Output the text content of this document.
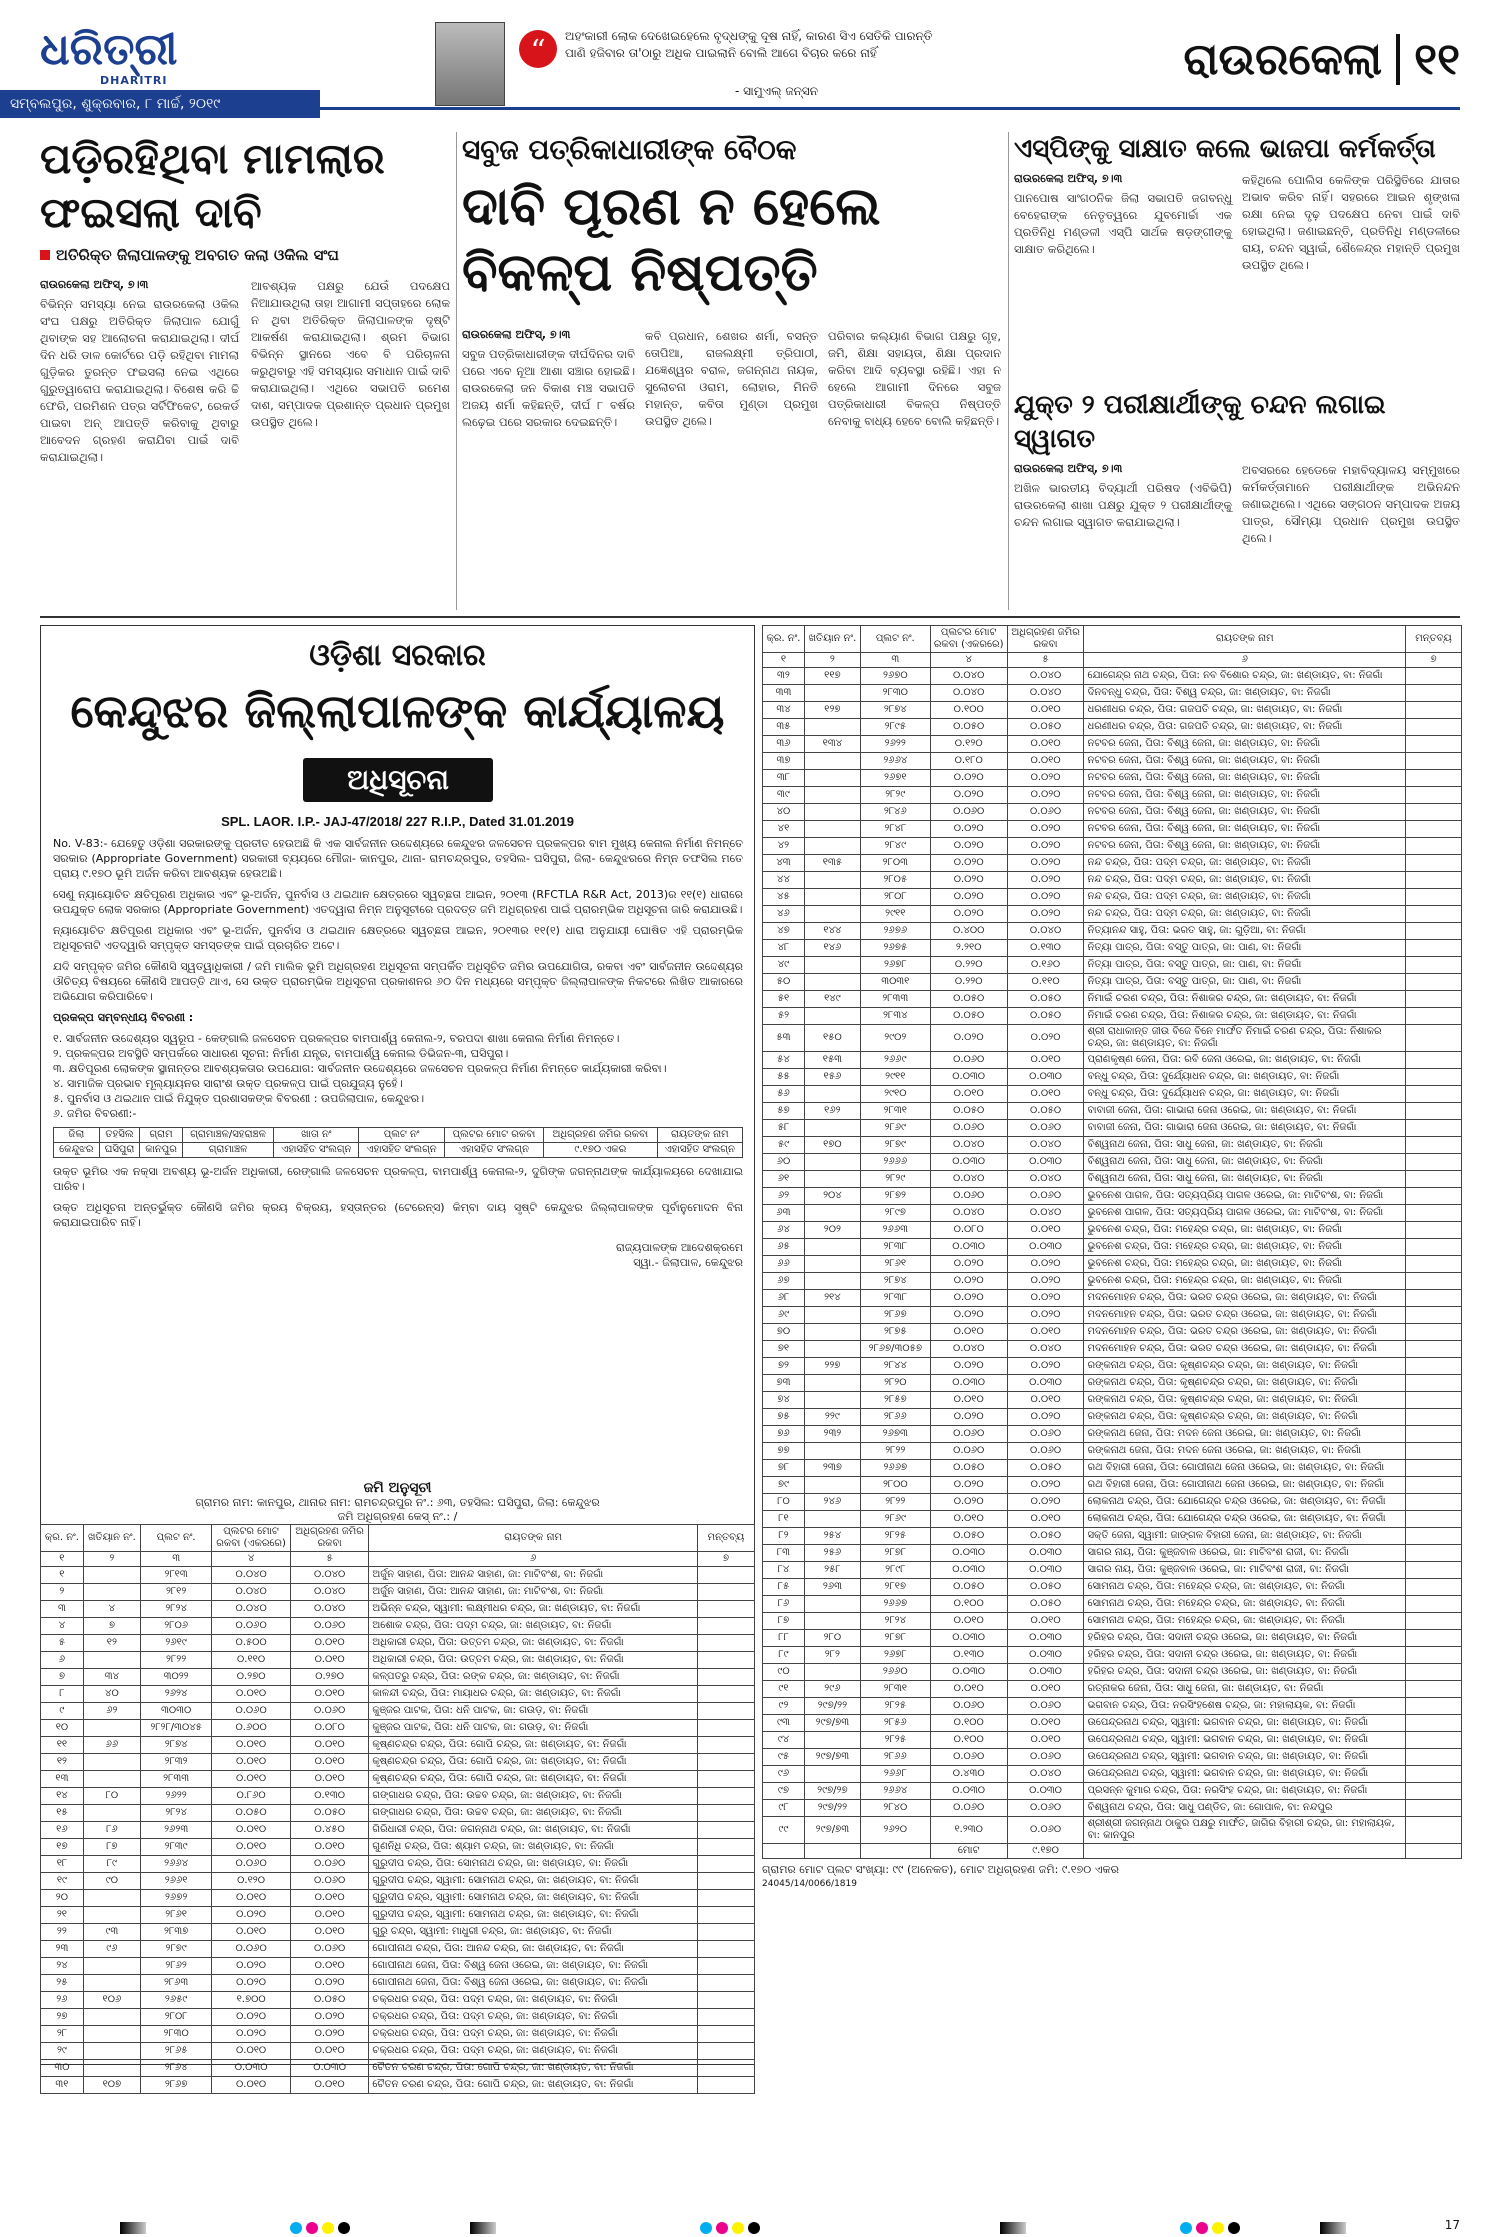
ଧରିତ୍ରୀ
DHARITRI
“	ଅହଂକାରୀ ଲୋକ ଦେଖେଇହେଲେ ବୃଦ୍ଧଙ୍କୁ ଦୂଷ ନାହିଁ, କାରଣ ସିଏ ସେତିକି ପାରନ୍ତି
ପାଣି ହଜିବାର ତା'ଠାରୁ ଅଧିକ ପାଇଲାନି ବୋଲି ଆଗେ ବିଚାର କରେ ନାହିଁ
- ସାମୁଏଲ୍ ଜନ୍‌ସନ
ରାଉରକେଲା ୧୧
ସମ୍ବଲପୁର, ଶୁକ୍ରବାର, ୮ ମାର୍ଚ୍ଚ, ୨୦୧୯
ପଡ଼ିରହିଥିବା ମାମଲାର
ଫଇସଲା ଦାବି
ଅତିରିକ୍ତ ଜିଲାପାଳଙ୍କୁ ଅବଗତ କଲା ଓକିଲ ସଂଘ
ରାଉରକେଲା ଅଫିସ୍, ୭।୩
ବିଭିନ୍ନ ସମସ୍ୟା ନେଇ ରାଉରକେଲା ଓକିଲ ସଂଘ ପକ୍ଷରୁ ଅତିରିକ୍ତ ଜିଲାପାଳ ଯୋଗୁଁ ଥିବାଙ୍କ ସହ ଆଲୋଚନା କରାଯାଇଥିଲା। ଦୀର୍ଘ ଦିନ ଧରି ଡାଳ କୋର୍ଟରେ ପଡ଼ି ରହିଥିବା ମାମଲା ଗୁଡ଼ିକର ତୁରନ୍ତ ଫଇସଲା ନେଇ ଏଥିରେ ଗୁରୁତ୍ୱାରୋପ କରାଯାଇଥିଲା। ବିଶେଷ କରି ଚ୍ଚି ଫେରି, ପରମିଶନ ପତ୍ର ସର୍ଟିଫିକେଟ, ରେକର୍ଡ ପାଇବା ଅନ୍ ଆପତ୍ତି କରିବାକୁ ଥିବାରୁ ଆବେଦନ ଗ୍ରହଣ କରାଯିବା ପାଇଁ ଦାବି କରାଯାଇଥିଲା।
ଆବଶ୍ୟକ ପକ୍ଷରୁ ଯେଉଁ ପଦକ୍ଷେପ ନିଆଯାଉଥିଲା ତାହା ଆଗାମୀ ସପ୍ତାହରେ ଲୋକ ନ ଥିବା ଅତିରିକ୍ତ ଜିଲାପାଳଙ୍କ ଦୃଷ୍ଟି ଆକର୍ଷଣ କରାଯାଇଥିଲା। ଶ୍ରମ ବିଭାଗ ବିଭିନ୍ନ ସ୍ଥାନରେ ଏବେ ବି ପରିଚାଳନା କରୁଥିବାରୁ ଏହି ସମସ୍ୟାର ସମାଧାନ ପାଇଁ ଦାବି କରାଯାଇଥିଲା। ଏଥିରେ ସଭାପତି ରମେଶ ଦାଶ, ସମ୍ପାଦକ ପ୍ରଶାନ୍ତ ପ୍ରଧାନ ପ୍ରମୁଖ ଉପସ୍ଥିତ ଥିଲେ।
ସବୁଜ ପତ୍ରିକାଧାରୀଙ୍କ ବୈଠକ
ଦାବି ପୂରଣ ନ ହେଲେ ବିକଳ୍ପ ନିଷ୍ପତ୍ତି
ରାଉରକେଲା ଅଫିସ୍, ୭।୩
ସବୁଜ ପତ୍ରିକାଧାରୀଙ୍କ ଦୀର୍ଘଦିନର ଦାବି ପରେ ଏବେ ନୂଆ ଆଶା ସଞ୍ଚାର ହୋଇଛି। ରାଉରକେଲା ଜନ ବିକାଶ ମଞ୍ଚ ସଭାପତି ଅଜୟ ଶର୍ମା କହିଛନ୍ତି, ଦୀର୍ଘ ୮ ବର୍ଷର ଲଢ଼େଇ ପରେ ସରକାର ଦେଇଛନ୍ତି।
କବି ପ୍ରଧାନ, ଶେଖର ଶର୍ମା, ବସନ୍ତ ତୋପିଆ, ରାଜଲକ୍ଷ୍ମୀ ତ୍ରିପାଠୀ, ଯଜ୍ଞେଶ୍ୱର ବରାଳ, ଜଗନ୍ନାଥ ନାୟକ, ସୁଲୋଚନା ଓରାମ, ଲୋହାର, ମିନତି ମହାନ୍ତ, କବିତା ମୁଣ୍ଡା ପ୍ରମୁଖ ଉପସ୍ଥିତ ଥିଲେ।
ପରିବାର କଲ୍ୟାଣ ବିଭାଗ ପକ୍ଷରୁ ଗୃହ, ଜମି, ଶିକ୍ଷା ସହାୟତା, ଶିକ୍ଷା ପ୍ରଦାନ କରିବା ଆଦି ବ୍ୟବସ୍ଥା ରହିଛି। ଏହା ନ ହେଲେ ଆଗାମୀ ଦିନରେ ସବୁଜ ପତ୍ରିକାଧାରୀ ବିକଳ୍ପ ନିଷ୍ପତ୍ତି ନେବାକୁ ବାଧ୍ୟ ହେବେ ବୋଲି କହିଛନ୍ତି।
ଏସ୍‌ପିଙ୍କୁ ସାକ୍ଷାତ କଲେ ଭାଜପା କର୍ମକର୍ତ୍ତା
ରାଉରକେଲା ଅଫିସ୍, ୭।୩
ପାନପୋଷ ସାଂଗଠନିକ ଜିଲା ସଭାପତି ଜଗବନ୍ଧୁ ବେହେରାଙ୍କ ନେତୃତ୍ୱରେ ଯୁବମୋର୍ଚ୍ଚା ଏକ ପ୍ରତିନିଧି ମଣ୍ଡଳୀ ଏସ୍‌ପି ସାର୍ଥକ ଷଡ଼ଙ୍ଗୀଙ୍କୁ ସାକ୍ଷାତ କରିଥିଲେ।
କହିଥିଲେ ପୋଲିସ କେଳିଙ୍କ ପରିସ୍ଥିତିରେ ଯାତାର ଅଭାବ କରିବ ନାହିଁ। ସହରରେ ଆଇନ ଶୃଙ୍ଖଳା ରକ୍ଷା ନେଇ ଦୃଢ଼ ପଦକ୍ଷେପ ନେବା ପାଇଁ ଦାବି ହୋଇଥିଲା। ଜଣାଇଛନ୍ତି, ପ୍ରତିନିଧି ମଣ୍ଡଳୀରେ ରାୟ, ଚନ୍ଦନ ସ୍ୱାଇଁ, ଶୈଳେନ୍ଦ୍ର ମହାନ୍ତି ପ୍ରମୁଖ ଉପସ୍ଥିତ ଥିଲେ।
ଯୁକ୍ତ ୨ ପରୀକ୍ଷାର୍ଥୀଙ୍କୁ ଚନ୍ଦନ ଲଗାଇ ସ୍ୱାଗତ
ରାଉରକେଲା ଅଫିସ୍, ୭।୩
ଅଖିଳ ଭାରତୀୟ ବିଦ୍ୟାର୍ଥୀ ପରିଷଦ (ଏବିଭିପି) ରାଉରକେଲା ଶାଖା ପକ୍ଷରୁ ଯୁକ୍ତ ୨ ପରୀକ୍ଷାର୍ଥୀଙ୍କୁ ଚନ୍ଦନ ଲଗାଇ ସ୍ୱାଗତ କରାଯାଇଥିଲା।
ଅବସରରେ ହେଡେକେ ମହାବିଦ୍ୟାଳୟ ସମ୍ମୁଖରେ କର୍ମକର୍ତ୍ତାମାନେ ପରୀକ୍ଷାର୍ଥୀଙ୍କ ଅଭିନନ୍ଦନ ଜଣାଇଥିଲେ। ଏଥିରେ ସଙ୍ଗଠନ ସମ୍ପାଦକ ଅଜୟ ପାତ୍ର, ସୌମ୍ୟା ପ୍ରଧାନ ପ୍ରମୁଖ ଉପସ୍ଥିତ ଥିଲେ।
ଓଡ଼ିଶା ସରକାର
କେନ୍ଦୁଝର ଜିଲ୍ଲାପାଳଙ୍କ କାର୍ଯ୍ୟାଳୟ
ଅଧିସୂଚନା
SPL. LAOR. I.P.- JAJ-47/2018/ 227 R.I.P., Dated 31.01.2019

No. V-83:- ଯେହେତୁ ଓଡ଼ିଶା ସରକାରଙ୍କୁ ପ୍ରତୀତ ହେଉଅଛି କି ଏକ ସାର୍ବଜନୀନ ଉଦ୍ଦେଶ୍ୟରେ କେନ୍ଦୁଝର ଜଳସେଚନ ପ୍ରକଳ୍ପର ବାମ ମୁଖ୍ୟ କେନାଲ ନିର୍ମାଣ ନିମନ୍ତେ ସରକାର (Appropriate Government) ସରକାରୀ ବ୍ୟୟରେ ମୌଜା- କାନପୁର, ଥାନା- ରାମଚନ୍ଦ୍ରପୁର, ତହସିଲ- ଘସିପୁରା, ଜିଲା- କେନ୍ଦୁଝରରେ ନିମ୍ନ ତଫସିଲ ମତେ ପ୍ରାୟ ୯.୧୭୦ ଭୂମି ଅର୍ଜନ କରିବା ଆବଶ୍ୟକ ହେଉଅଛି।

ସେଣୁ ନ୍ୟାୟୋଚିତ କ୍ଷତିପୂରଣ ଅଧିକାର ଏବଂ ଭୂ-ଅର୍ଜନ, ପୁନର୍ବାସ ଓ ଥଇଥାନ କ୍ଷେତ୍ରରେ ସ୍ୱଚ୍ଛତା ଆଇନ, ୨୦୧୩ (RFCTLA R&R Act, 2013)ର ୧୧(୧) ଧାରାରେ ଉପଯୁକ୍ତ ଲୋକ ସରକାର (Appropriate Government) ଏତଦ୍ୱାରା ନିମ୍ନ ଅନୁସୂଚୀରେ ପ୍ରଦତ୍ତ ଜମି ଅଧିଗ୍ରହଣ ପାଇଁ ପ୍ରାରମ୍ଭିକ ଅଧିସୂଚନା ଜାରି କରାଯାଉଛି।

ନ୍ୟାୟୋଚିତ କ୍ଷତିପୂରଣ ଅଧିକାର ଏବଂ ଭୂ-ଅର୍ଜନ, ପୁନର୍ବାସ ଓ ଥଇଥାନ କ୍ଷେତ୍ରରେ ସ୍ୱଚ୍ଛତା ଆଇନ, ୨୦୧୩ର ୧୧(୧) ଧାରା ଅନୁଯାୟୀ ଘୋଷିତ ଏହି ପ୍ରାରମ୍ଭିକ ଅଧିସୂଚନାଟି ଏତଦ୍ୱାରି ସମ୍ପୃକ୍ତ ସମସ୍ତଙ୍କ ପାଇଁ ପ୍ରଚାରିତ ଅଟେ।

ଯଦି ସମ୍ପୃକ୍ତ ଜମିର କୌଣସି ସ୍ୱତ୍ୱାଧିକାରୀ / ଜମି ମାଲିକ ଭୂମି ଅଧିଗ୍ରହଣ ଅଧିସୂଚନା ସମ୍ପର୍କିତ ଅଧିସୂଚିତ ଜମିର ଉପଯୋଗିତା, ରକବା ଏବଂ ସାର୍ବଜନୀନ ଉଦ୍ଦେଶ୍ୟର ଔଚିତ୍ୟ ବିଷୟରେ କୌଣସି ଆପତ୍ତି ଥାଏ, ସେ ଉକ୍ତ ପ୍ରାରମ୍ଭିକ ଅଧିସୂଚନା ପ୍ରକାଶନର ୬୦ ଦିନ ମଧ୍ୟରେ ସମ୍ପୃକ୍ତ ଜିଲ୍ଲାପାଳଙ୍କ ନିକଟରେ ଲିଖିତ ଆକାରରେ ଅଭିଯୋଗ କରିପାରିବେ।

ପ୍ରକଳ୍ପ ସମ୍ବନ୍ଧୀୟ ବିବରଣୀ :

୧. ସାର୍ବଜନୀନ ଉଦ୍ଦେଶ୍ୟର ସ୍ୱରୂପ - କେଙ୍ଗାଲି ଜଳସେଚନ ପ୍ରକଳ୍ପର ବାମପାର୍ଶ୍ୱ କେନାଲ-୨, ବରପଦା ଶାଖା କେନାଲ ନିର୍ମାଣ ନିମନ୍ତେ।
୨. ପ୍ରକଳ୍ପର ଅବସ୍ଥିତି ସମ୍ପର୍କରେ ସାଧାରଣ ସୂଚନା: ନିର୍ମାଣ ଯନ୍ତ୍ର, ବାମପାର୍ଶ୍ୱ କେନାଲ ଡିଭିଜନ-୩, ଘସିପୁରା।
୩. କ୍ଷତିପୂରଣ ଲୋକଙ୍କ ସ୍ଥାନାନ୍ତର ଆବଶ୍ୟକତାର ଉପଯୋଗ: ସାର୍ବଜନୀନ ଉଦ୍ଦେଶ୍ୟରେ ଜଳସେଚନ ପ୍ରକଳ୍ପ ନିର୍ମାଣ ନିମନ୍ତେ କାର୍ଯ୍ୟକାରୀ କରିବା।
୪. ସାମାଜିକ ପ୍ରଭାବ ମୂଲ୍ୟାୟନର ସାରାଂଶ ଉକ୍ତ ପ୍ରକଳ୍ପ ପାଇଁ ପ୍ରଯୁଜ୍ୟ ନୁହେଁ।
୫. ପୁନର୍ବାସ ଓ ଥଇଥାନ ପାଇଁ ନିଯୁକ୍ତ ପ୍ରଶାସକଙ୍କ ବିବରଣୀ : ଉପଜିଲାପାଳ, କେନ୍ଦୁଝର।
୬. ଜମିର ବିବରଣୀ:-
ଜିଲା	ତହସିଲ	ଗ୍ରାମ	ଗ୍ରାମାଞ୍ଚଳ/ସହରାଞ୍ଚଳ	ଖାତା ନଂ	ପ୍ଲଟ ନଂ	ପ୍ଲଟର ମୋଟ ରକବା	ଅଧିଗ୍ରହଣ ଜମିର ରକବା	ରାୟତଙ୍କ ନାମ
କେନ୍ଦୁଝର	ଘସିପୁରା	କାନପୁର	ଗ୍ରାମାଞ୍ଚଳ	ଏହାସହିତ ସଂଲଗ୍ନ	ଏହାସହିତ ସଂଲଗ୍ନ	ଏହାସହିତ ସଂଲଗ୍ନ	୯.୧୭୦ ଏକର	ଏହାସହିତ ସଂଲଗ୍ନ

ଉକ୍ତ ଭୂମିର ଏକ ନକ୍ସା ଅବଶ୍ୟ ଭୂ-ଅର୍ଜନ ଅଧିକାରୀ, ରେଙ୍ଗାଲି ଜଳସେଚନ ପ୍ରକଳ୍ପ, ବାମପାର୍ଶ୍ୱ କେନାଲ-୨, ଦୁଗିଙ୍କ ଜଗନ୍ନାଥଙ୍କ କାର୍ଯ୍ୟାଳୟରେ ଦେଖାଯାଇ ପାରିବ।

ଉକ୍ତ ଅଧିସୂଚନା ଅନ୍ତର୍ଭୁକ୍ତ କୌଣସି ଜମିର କ୍ରୟ ବିକ୍ରୟ, ହସ୍ତାନ୍ତର (ଟେରେନ୍ସ) କିମ୍ବା ଦାୟ ସୃଷ୍ଟି କେନ୍ଦୁଝର ଜିଲ୍ଲାପାଳଙ୍କ ପୂର୍ବାନୁମୋଦନ ବିନା କରାଯାଇପାରିବ ନାହିଁ।

ରାଜ୍ୟପାଳଙ୍କ ଆଦେଶକ୍ରମେ
ସ୍ୱା.- ଜିଲାପାଳ, କେନ୍ଦୁଝର
ଜମି ଅନୁସୂଚୀ
ଗ୍ରାମର ନାମ: କାନପୁର, ଥାନାର ନାମ: ରାମଚନ୍ଦ୍ରପୁର ନଂ.: ୬୩, ତହସିଲ: ଘସିପୁରା, ଜିଲା: କେନ୍ଦୁଝର
ଜମି ଅଧିଗ୍ରହଣ କେସ୍ ନଂ.: /
କ୍ର. ନଂ.	ଖତିୟାନ ନଂ.	ପ୍ଲଟ ନଂ.	ପ୍ଲଟର ମୋଟ ରକବା (ଏକରରେ)	ଅଧିଗ୍ରହଣ ଜମିର ରକବା	ରାୟତଙ୍କ ନାମ	ମନ୍ତବ୍ୟ
୧	୨	୩	୪	୫	୬	୭
୧		୨୮୧୩	୦.୦୪୦	୦.୦୪୦	ଅର୍ଜୁନ ସାହାଣ, ପିତା: ଆନନ୍ଦ ସାହାଣ, ଜା: ମାଟିବଂଶ, ବା: ନିଜଗାଁ	
୨		୨୮୧୨	୦.୦୪୦	୦.୦୪୦	ଅର୍ଜୁନ ସାହାଣ, ପିତା: ଆନନ୍ଦ ସାହାଣ, ଜା: ମାଟିବଂଶ, ବା: ନିଜଗାଁ	
୩	୪	୨୮୨୪	୦.୦୪୦	୦.୦୪୦	ଅଭିନ୍ନ ଚନ୍ଦ୍ର, ସ୍ୱାମୀ: ଲକ୍ଷ୍ମୀଧର ଚନ୍ଦ୍ର, ଜା: ଖଣ୍ଡାୟତ, ବା: ନିଜଗାଁ	
୪	୭	୨୮୦୬	୦.୦୬୦	୦.୦୬୦	ଅଶୋକ ଚନ୍ଦ୍ର, ପିତା: ପଦ୍ମ ଚନ୍ଦ୍ର, ଜା: ଖଣ୍ଡାୟତ, ବା: ନିଜଗାଁ	
୫	୧୨	୨୬୧୯	୦.୫୦୦	୦.୦୧୦	ଅଧିକାରୀ ଚନ୍ଦ୍ର, ପିତା: ଉତ୍ତମ ଚନ୍ଦ୍ର, ଜା: ଖଣ୍ଡାୟତ, ବା: ନିଜଗାଁ	
୬		୨୮୨୨	୦.୧୧୦	୦.୦୧୦	ଅଧିକାରୀ ଚନ୍ଦ୍ର, ପିତା: ଉତ୍ତମ ଚନ୍ଦ୍ର, ଜା: ଖଣ୍ଡାୟତ, ବା: ନିଜଗାଁ	
୭	୩୪	୩୦୨୨	୦.୨୭୦	୦.୨୭୦	କଳ୍ପତରୁ ଚନ୍ଦ୍ର, ପିତା: ରଙ୍କ ଚନ୍ଦ୍ର, ଜା: ଖଣ୍ଡାୟତ, ବା: ନିଜଗାଁ	
୮	୪୦	୨୬୨୪	୦.୦୧୦	୦.୦୧୦	କାଳନ୍ଦୀ ଚନ୍ଦ୍ର, ପିତା: ମାୟାଧର ଚନ୍ଦ୍ର, ଜା: ଖଣ୍ଡାୟତ, ବା: ନିଜଗାଁ	
୯	୬୨	୩୦୩୦	୦.୦୬୦	୦.୦୬୦	କୁଞ୍ଜର ପାଟକ, ପିତା: ଧନି ପାଟକ, ଜା: ଗଉଡ଼, ବା: ନିଜଗାଁ	
୧୦		୨୮୨୮/୩୦୪୫	୦.୬୦୦	୦.୦୮୦	କୁଞ୍ଜର ପାଟକ, ପିତା: ଧନି ପାଟକ, ଜା: ଗଉଡ଼, ବା: ନିଜଗାଁ	
୧୧	୬୬	୨୮୭୪	୦.୦୧୦	୦.୦୧୦	କୃଷ୍ଣଚନ୍ଦ୍ର ଚନ୍ଦ୍ର, ପିତା: ଗୋପି ଚନ୍ଦ୍ର, ଜା: ଖଣ୍ଡାୟତ, ବା: ନିଜଗାଁ	
୧୨		୨୮୩୨	୦.୦୧୦	୦.୦୧୦	କୃଷ୍ଣଚନ୍ଦ୍ର ଚନ୍ଦ୍ର, ପିତା: ଗୋପି ଚନ୍ଦ୍ର, ଜା: ଖଣ୍ଡାୟତ, ବା: ନିଜଗାଁ	
୧୩		୨୮୩୩	୦.୦୧୦	୦.୦୧୦	କୃଷ୍ଣଚନ୍ଦ୍ର ଚନ୍ଦ୍ର, ପିତା: ଗୋପି ଚନ୍ଦ୍ର, ଜା: ଖଣ୍ଡାୟତ, ବା: ନିଜଗାଁ	
୧୪	୮୦	୨୬୨୨	୦.୮୬୦	୦.୧୩୦	ଗଙ୍ଗାଧର ଚନ୍ଦ୍ର, ପିତା: ଉଚ୍ଚବ ଚନ୍ଦ୍ର, ଜା: ଖଣ୍ଡାୟତ, ବା: ନିଜଗାଁ	
୧୫		୨୮୨୪	୦.୦୫୦	୦.୦୫୦	ଗଙ୍ଗାଧର ଚନ୍ଦ୍ର, ପିତା: ଉଚ୍ଚବ ଚନ୍ଦ୍ର, ଜା: ଖଣ୍ଡାୟତ, ବା: ନିଜଗାଁ	
୧୬	୮୬	୨୬୨୩	୦.୦୧୦	୦.୪୫୦	ଗିରିଧାରୀ ଚନ୍ଦ୍ର, ପିତା: ଜଗନ୍ନାଥ ଚନ୍ଦ୍ର, ଜା: ଖଣ୍ଡାୟତ, ବା: ନିଜଗାଁ	
୧୭	୮୭	୨୮୩୯	୦.୦୧୦	୦.୦୧୦	ଗୁଣନିଧି ଚନ୍ଦ୍ର, ପିତା: ଶ୍ୟାମ ଚନ୍ଦ୍ର, ଜା: ଖଣ୍ଡାୟତ, ବା: ନିଜଗାଁ	
୧୮	୮୯	୨୬୬୪	୦.୦୬୦	୦.୦୬୦	ଗୁରୁଦୀପ ଚନ୍ଦ୍ର, ପିତା: ସୋମନାଥ ଚନ୍ଦ୍ର, ଜା: ଖଣ୍ଡାୟତ, ବା: ନିଜଗାଁ	
୧୯	୯୦	୨୬୬୧	୦.୧୨୦	୦.୦୬୦	ଗୁରୁଦୀପ ଚନ୍ଦ୍ର, ସ୍ୱାମୀ: ସୋମନାଥ ଚନ୍ଦ୍ର, ଜା: ଖଣ୍ଡାୟତ, ବା: ନିଜଗାଁ	
୨୦		୨୬୭୨	୦.୦୧୦	୦.୦୧୦	ଗୁରୁଦୀପ ଚନ୍ଦ୍ର, ସ୍ୱାମୀ: ସୋମନାଥ ଚନ୍ଦ୍ର, ଜା: ଖଣ୍ଡାୟତ, ବା: ନିଜଗାଁ	
୨୧		୨୮୬୧	୦.୦୨୦	୦.୦୧୦	ଗୁରୁଦୀପ ଚନ୍ଦ୍ର, ସ୍ୱାମୀ: ସୋମନାଥ ଚନ୍ଦ୍ର, ଜା: ଖଣ୍ଡାୟତ, ବା: ନିଜଗାଁ	
୨୨	୯୩	୨୮୩୭	୦.୦୧୦	୦.୦୧୦	ଗୁରୁ ଚନ୍ଦ୍ର, ସ୍ୱାମୀ: ମାଧୁରୀ ଚନ୍ଦ୍ର, ଜା: ଖଣ୍ଡାୟତ, ବା: ନିଜଗାଁ	
୨୩	୯୬	୨୮୭୯	୦.୦୬୦	୦.୦୬୦	ଗୋପୀନାଥ ଚନ୍ଦ୍ର, ପିତା: ଆନନ୍ଦ ଚନ୍ଦ୍ର, ଜା: ଖଣ୍ଡାୟତ, ବା: ନିଜଗାଁ	
୨୪		୨୮୬୨	୦.୦୨୦	୦.୦୧୦	ଗୋପୀନାଥ ଜେନା, ପିତା: ବିଶ୍ୱ ଜେନା ଓରେଇ, ଜା: ଖଣ୍ଡାୟତ, ବା: ନିଜଗାଁ	
୨୫		୨୮୬୩	୦.୦୨୦	୦.୦୨୦	ଗୋପୀନାଥ ଜେନା, ପିତା: ବିଶ୍ୱ ଜେନା ଓରେଇ, ଜା: ଖଣ୍ଡାୟତ, ବା: ନିଜଗାଁ	
୨୬	୧୦୬	୨୬୫୯	୧.୭୦୦	୦.୦୫୦	ଚକ୍ରଧର ଚନ୍ଦ୍ର, ପିତା: ପଦ୍ମ ଚନ୍ଦ୍ର, ଜା: ଖଣ୍ଡାୟତ, ବା: ନିଜଗାଁ	
୨୭		୨୮୦୮	୦.୦୨୦	୦.୦୨୦	ଚକ୍ରଧର ଚନ୍ଦ୍ର, ପିତା: ପଦ୍ମ ଚନ୍ଦ୍ର, ଜା: ଖଣ୍ଡାୟତ, ବା: ନିଜଗାଁ	
୨୮		୨୮୩୦	୦.୦୨୦	୦.୦୨୦	ଚକ୍ରଧର ଚନ୍ଦ୍ର, ପିତା: ପଦ୍ମ ଚନ୍ଦ୍ର, ଜା: ଖଣ୍ଡାୟତ, ବା: ନିଜଗାଁ	
୨୯		୨୮୬୫	୦.୦୧୦	୦.୦୧୦	ଚକ୍ରଧର ଚନ୍ଦ୍ର, ପିତା: ପଦ୍ମ ଚନ୍ଦ୍ର, ଜା: ଖଣ୍ଡାୟତ, ବା: ନିଜଗାଁ	
୩୦		୨୮୬୪	୦.୦୩୦	୦.୦୩୦	ଚୈତନ ଚରଣ ଚନ୍ଦ୍ର, ପିତା: ଗୋପି ଚନ୍ଦ୍ର, ଜା: ଖଣ୍ଡାୟତ, ବା: ନିଜଗାଁ	
୩୧	୧୦୭	୨୮୬୭	୦.୦୧୦	୦.୦୧୦	ଚୈତନ ଚରଣ ଚନ୍ଦ୍ର, ପିତା: ଗୋପି ଚନ୍ଦ୍ର, ଜା: ଖଣ୍ଡାୟତ, ବା: ନିଜଗାଁ	
କ୍ର. ନଂ.	ଖତିୟାନ ନଂ.	ପ୍ଲଟ ନଂ.	ପ୍ଲଟର ମୋଟ ରକବା (ଏକରରେ)	ଅଧିଗ୍ରହଣ ଜମିର ରକବା	ରାୟତଙ୍କ ନାମ	ମନ୍ତବ୍ୟ
୧	୨	୩	୪	୫	୬	୭
୩୨	୧୧୭	୨୬୭୦	୦.୦୪୦	୦.୦୪୦	ଯୋଗେନ୍ଦ୍ର ନାଥ ଚନ୍ଦ୍ର, ପିତା: ନବ ବିଶୋର ଚନ୍ଦ୍ର, ଜା: ଖଣ୍ଡାୟତ, ବା: ନିଜଗାଁ	
୩୩		୨୮୩୦	୦.୦୪୦	୦.୦୪୦	ଦିନବନ୍ଧୁ ଚନ୍ଦ୍ର, ପିତା: ବିଶ୍ୱ ଚନ୍ଦ୍ର, ଜା: ଖଣ୍ଡାୟତ, ବା: ନିଜଗାଁ	
୩୪	୧୨୭	୨୮୭୪	୦.୧୦୦	୦.୦୧୦	ଧରଣୀଧର ଚନ୍ଦ୍ର, ପିତା: ଗଜପତି ଚନ୍ଦ୍ର, ଜା: ଖଣ୍ଡାୟତ, ବା: ନିଜଗାଁ	
୩୫		୨୮୯୫	୦.୦୫୦	୦.୦୫୦	ଧରଣୀଧର ଚନ୍ଦ୍ର, ପିତା: ଗଜପତି ଚନ୍ଦ୍ର, ଜା: ଖଣ୍ଡାୟତ, ବା: ନିଜଗାଁ	
୩୬	୧୩୪	୨୬୨୨	୦.୧୨୦	୦.୦୧୦	ନଟବର ଜେନା, ପିତା: ବିଶ୍ୱ ଜେନା, ଜା: ଖଣ୍ଡାୟତ, ବା: ନିଜଗାଁ	
୩୭		୨୬୬୪	୦.୧୮୦	୦.୦୧୦	ନଟବର ଜେନା, ପିତା: ବିଶ୍ୱ ଜେନା, ଜା: ଖଣ୍ଡାୟତ, ବା: ନିଜଗାଁ	
୩୮		୨୬୭୧	୦.୦୨୦	୦.୦୨୦	ନଟବର ଜେନା, ପିତା: ବିଶ୍ୱ ଜେନା, ଜା: ଖଣ୍ଡାୟତ, ବା: ନିଜଗାଁ	
୩୯		୨୮୨୯	୦.୦୨୦	୦.୦୨୦	ନଟବର ଜେନା, ପିତା: ବିଶ୍ୱ ଜେନା, ଜା: ଖଣ୍ଡାୟତ, ବା: ନିଜଗାଁ	
୪୦		୨୮୪୬	୦.୦୬୦	୦.୦୬୦	ନଟବର ଜେନା, ପିତା: ବିଶ୍ୱ ଜେନା, ଜା: ଖଣ୍ଡାୟତ, ବା: ନିଜଗାଁ	
୪୧		୨୮୪୮	୦.୦୨୦	୦.୦୨୦	ନଟବର ଜେନା, ପିତା: ବିଶ୍ୱ ଜେନା, ଜା: ଖଣ୍ଡାୟତ, ବା: ନିଜଗାଁ	
୪୨		୨୮୪୯	୦.୦୨୦	୦.୦୨୦	ନଟବର ଜେନା, ପିତା: ବିଶ୍ୱ ଜେନା, ଜା: ଖଣ୍ଡାୟତ, ବା: ନିଜଗାଁ	
୪୩	୧୩୫	୨୮୦୩	୦.୦୨୦	୦.୦୨୦	ନନ୍ଦ ଚନ୍ଦ୍ର, ପିତା: ପଦ୍ମ ଚନ୍ଦ୍ର, ଜା: ଖଣ୍ଡାୟତ, ବା: ନିଜଗାଁ	
୪୪		୨୮୦୫	୦.୦୨୦	୦.୦୨୦	ନନ୍ଦ ଚନ୍ଦ୍ର, ପିତା: ପଦ୍ମ ଚନ୍ଦ୍ର, ଜା: ଖଣ୍ଡାୟତ, ବା: ନିଜଗାଁ	
୪୫		୨୮୦୮	୦.୦୨୦	୦.୦୨୦	ନନ୍ଦ ଚନ୍ଦ୍ର, ପିତା: ପଦ୍ମ ଚନ୍ଦ୍ର, ଜା: ଖଣ୍ଡାୟତ, ବା: ନିଜଗାଁ	
୪୬		୨୯୧୧	୦.୦୨୦	୦.୦୨୦	ନନ୍ଦ ଚନ୍ଦ୍ର, ପିତା: ପଦ୍ମ ଚନ୍ଦ୍ର, ଜା: ଖଣ୍ଡାୟତ, ବା: ନିଜଗାଁ	
୪୭	୧୪୪	୨୬୭୬	୦.୪୦୦	୦.୦୪୦	ନିତ୍ୟାନନ୍ଦ ସାହୁ, ପିତା: ଭରତ ସାହୁ, ଜା: ଗୁଡ଼ିଆ, ବା: ନିଜଗାଁ	
୪୮	୧୪୬	୨୬୭୫	୨.୨୧୦	୦.୧୩୦	ନିତ୍ୟା ପାତ୍ର, ପିତା: ବସ୍ତୁ ପାତ୍ର, ଜା: ପାଣ, ବା: ନିଜଗାଁ	
୪୯		୨୬୭୮	୦.୨୨୦	୦.୧୬୦	ନିତ୍ୟା ପାତ୍ର, ପିତା: ବସ୍ତୁ ପାତ୍ର, ଜା: ପାଣ, ବା: ନିଜଗାଁ	
୫୦		୩୦୩୧	୦.୨୨୦	୦.୧୧୦	ନିତ୍ୟା ପାତ୍ର, ପିତା: ବସ୍ତୁ ପାତ୍ର, ଜା: ପାଣ, ବା: ନିଜଗାଁ	
୫୧	୧୪୯	୨୮୩୩	୦.୦୫୦	୦.୦୫୦	ନିମାଇଁ ଚରଣ ଚନ୍ଦ୍ର, ପିତା: ନିଶାକର ଚନ୍ଦ୍ର, ଜା: ଖଣ୍ଡାୟତ, ବା: ନିଜଗାଁ	
୫୨		୨୮୩୪	୦.୦୫୦	୦.୦୫୦	ନିମାଇଁ ଚରଣ ଚନ୍ଦ୍ର, ପିତା: ନିଶାକର ଚନ୍ଦ୍ର, ଜା: ଖଣ୍ଡାୟତ, ବା: ନିଜଗାଁ	
୫୩	୧୫୦	୨୯୦୨	୦.୦୨୦	୦.୦୨୦	ଶ୍ରୀ ରାଧାକାନ୍ତ ଜୀଉ ବିଜେ ବିନେ ମାର୍ଫତ ନିମାଇଁ ଚରଣ ଚନ୍ଦ୍ର, ପିତା: ନିଶାକର ଚନ୍ଦ୍ର, ଜା: ଖଣ୍ଡାୟତ, ବା: ନିଜଗାଁ	
୫୪	୧୫୩	୨୬୬୯	୦.୦୬୦	୦.୦୧୦	ପ୍ରାଣକୃଷ୍ଣ ଜେନା, ପିତା: ରବି ଜେନା ଓରେଇ, ଜା: ଖଣ୍ଡାୟତ, ବା: ନିଜଗାଁ	
୫୫	୧୫୬	୨୯୧୧	୦.୦୩୦	୦.୦୩୦	ବନ୍ଧୁ ଚନ୍ଦ୍ର, ପିତା: ଦୁର୍ଯ୍ୟୋଧନ ଚନ୍ଦ୍ର, ଜା: ଖଣ୍ଡାୟତ, ବା: ନିଜଗାଁ	
୫୬		୨୯୧୦	୦.୦୧୦	୦.୦୧୦	ବନ୍ଧୁ ଚନ୍ଦ୍ର, ପିତା: ଦୁର୍ଯ୍ୟୋଧନ ଚନ୍ଦ୍ର, ଜା: ଖଣ୍ଡାୟତ, ବା: ନିଜଗାଁ	
୫୭	୧୬୨	୨୮୩୧	୦.୦୫୦	୦.୦୫୦	ବାବାଜୀ ଜେନା, ପିତା: ଗାଭାରା ଜେନା ଓରେଇ, ଜା: ଖଣ୍ଡାୟତ, ବା: ନିଜଗାଁ	
୫୮		୨୮୬୯	୦.୦୬୦	୦.୦୬୦	ବାବାଜୀ ଜେନା, ପିତା: ଗାଭାରା ଜେନା ଓରେଇ, ଜା: ଖଣ୍ଡାୟତ, ବା: ନିଜଗାଁ	
୫୯	୧୭୦	୨୮୭୯	୦.୦୪୦	୦.୦୪୦	ବିଶ୍ୱନାଥ ଜେନା, ପିତା: ସାଧୁ ଜେନା, ଜା: ଖଣ୍ଡାୟତ, ବା: ନିଜଗାଁ	
୬୦		୨୬୬୬	୦.୦୩୦	୦.୦୩୦	ବିଶ୍ୱନାଥ ଜେନା, ପିତା: ସାଧୁ ଜେନା, ଜା: ଖଣ୍ଡାୟତ, ବା: ନିଜଗାଁ	
୬୧		୨୮୨୯	୦.୦୪୦	୦.୦୪୦	ବିଶ୍ୱନାଥ ଜେନା, ପିତା: ସାଧୁ ଜେନା, ଜା: ଖଣ୍ଡାୟତ, ବା: ନିଜଗାଁ	
୬୨	୨୦୪	୨୮୭୨	୦.୦୬୦	୦.୦୬୦	ଭୁବନେଶ ପାଗଳ, ପିତା: ସତ୍ୟପ୍ରିୟ ପାଗଳ ଓରେଇ, ଜା: ମାଟିବଂଶ, ବା: ନିଜଗାଁ	
୬୩		୨୮୯୭	୦.୦୪୦	୦.୦୪୦	ଭୁବନେଶ ପାଗଳ, ପିତା: ସତ୍ୟପ୍ରିୟ ପାଗଳ ଓରେଇ, ଜା: ମାଟିବଂଶ, ବା: ନିଜଗାଁ	
୬୪	୨୦୨	୨୬୬୩	୦.୦୮୦	୦.୦୧୦	ଭୁବନେଶ ଚନ୍ଦ୍ର, ପିତା: ମହେନ୍ଦ୍ର ଚନ୍ଦ୍ର, ଜା: ଖଣ୍ଡାୟତ, ବା: ନିଜଗାଁ	
୬୫		୨୮୩୮	୦.୦୩୦	୦.୦୩୦	ଭୁବନେଶ ଚନ୍ଦ୍ର, ପିତା: ମହେନ୍ଦ୍ର ଚନ୍ଦ୍ର, ଜା: ଖଣ୍ଡାୟତ, ବା: ନିଜଗାଁ	
୬୬		୨୮୬୧	୦.୦୨୦	୦.୦୨୦	ଭୁବନେଶ ଚନ୍ଦ୍ର, ପିତା: ମହେନ୍ଦ୍ର ଚନ୍ଦ୍ର, ଜା: ଖଣ୍ଡାୟତ, ବା: ନିଜଗାଁ	
୬୭		୨୮୭୪	୦.୦୨୦	୦.୦୨୦	ଭୁବନେଶ ଚନ୍ଦ୍ର, ପିତା: ମହେନ୍ଦ୍ର ଚନ୍ଦ୍ର, ଜା: ଖଣ୍ଡାୟତ, ବା: ନିଜଗାଁ	
୬୮	୨୧୪	୨୮୩୮	୦.୦୨୦	୦.୦୨୦	ମଦନମୋହନ ଚନ୍ଦ୍ର, ପିତା: ଭରତ ଚନ୍ଦ୍ର ଓରେଇ, ଜା: ଖଣ୍ଡାୟତ, ବା: ନିଜଗାଁ	
୬୯		୨୮୬୭	୦.୦୨୦	୦.୦୨୦	ମଦନମୋହନ ଚନ୍ଦ୍ର, ପିତା: ଭରତ ଚନ୍ଦ୍ର ଓରେଇ, ଜା: ଖଣ୍ଡାୟତ, ବା: ନିଜଗାଁ	
୭୦		୨୮୭୫	୦.୦୧୦	୦.୦୧୦	ମଦନମୋହନ ଚନ୍ଦ୍ର, ପିତା: ଭରତ ଚନ୍ଦ୍ର ଓରେଇ, ଜା: ଖଣ୍ଡାୟତ, ବା: ନିଜଗାଁ	
୭୧		୨୮୬୭/୩୦୫୭	୦.୦୪୦	୦.୦୪୦	ମଦନମୋହନ ଚନ୍ଦ୍ର, ପିତା: ଭରତ ଚନ୍ଦ୍ର ଓରେଇ, ଜା: ଖଣ୍ଡାୟତ, ବା: ନିଜଗାଁ	
୭୨	୨୨୭	୨୮୪୪	୦.୦୨୦	୦.୦୨୦	ରଙ୍କନାଥ ଚନ୍ଦ୍ର, ପିତା: କୃଷ୍ଣଚନ୍ଦ୍ର ଚନ୍ଦ୍ର, ଜା: ଖଣ୍ଡାୟତ, ବା: ନିଜଗାଁ	
୭୩		୨୮୨୦	୦.୦୩୦	୦.୦୩୦	ରଙ୍କନାଥ ଚନ୍ଦ୍ର, ପିତା: କୃଷ୍ଣଚନ୍ଦ୍ର ଚନ୍ଦ୍ର, ଜା: ଖଣ୍ଡାୟତ, ବା: ନିଜଗାଁ	
୭୪		୨୮୫୭	୦.୦୧୦	୦.୦୧୦	ରଙ୍କନାଥ ଚନ୍ଦ୍ର, ପିତା: କୃଷ୍ଣଚନ୍ଦ୍ର ଚନ୍ଦ୍ର, ଜା: ଖଣ୍ଡାୟତ, ବା: ନିଜଗାଁ	
୭୫	୨୨୯	୨୮୬୬	୦.୦୨୦	୦.୦୨୦	ରଙ୍କନାଥ ଚନ୍ଦ୍ର, ପିତା: କୃଷ୍ଣଚନ୍ଦ୍ର ଚନ୍ଦ୍ର, ଜା: ଖଣ୍ଡାୟତ, ବା: ନିଜଗାଁ	
୭୬	୨୩୨	୨୬୭୩	୦.୦୬୦	୦.୦୬୦	ରଙ୍କନାଥ ଜେନା, ପିତା: ମଦନ ଜେନା ଓରେଇ, ଜା: ଖଣ୍ଡାୟତ, ବା: ନିଜଗାଁ	
୭୭		୨୮୨୨	୦.୦୬୦	୦.୦୬୦	ରଙ୍କନାଥ ଜେନା, ପିତା: ମଦନ ଜେନା ଓରେଇ, ଜା: ଖଣ୍ଡାୟତ, ବା: ନିଜଗାଁ	
୭୮	୨୩୭	୨୬୬୭	୦.୦୫୦	୦.୦୫୦	ରଥ ବିହାରୀ ଜେନା, ପିତା: ଗୋପୀନାଥ ଜେନା ଓରେଇ, ଜା: ଖଣ୍ଡାୟତ, ବା: ନିଜଗାଁ	
୭୯		୨୮୦୦	୦.୦୨୦	୦.୦୨୦	ରଥ ବିହାରୀ ଜେନା, ପିତା: ଗୋପୀନାଥ ଜେନା ଓରେଇ, ଜା: ଖଣ୍ଡାୟତ, ବା: ନିଜଗାଁ	
୮୦	୨୪୬	୨୮୨୨	୦.୦୨୦	୦.୦୨୦	ଲୋକନାଥ ଚନ୍ଦ୍ର, ପିତା: ଯୋଗେନ୍ଦ୍ର ଚନ୍ଦ୍ର ଓରେଇ, ଜା: ଖଣ୍ଡାୟତ, ବା: ନିଜଗାଁ	
୮୧		୨୮୬୯	୦.୦୧୦	୦.୦୧୦	ଲୋକନାଥ ଚନ୍ଦ୍ର, ପିତା: ଯୋଗେନ୍ଦ୍ର ଚନ୍ଦ୍ର ଓରେଇ, ଜା: ଖଣ୍ଡାୟତ, ବା: ନିଜଗାଁ	
୮୨	୨୫୪	୨୮୨୫	୦.୦୫୦	୦.୦୫୦	ସକ୍ତି ଜେନା, ସ୍ୱାମୀ: ଜାଙ୍ଗଳ ବିହାରୀ ଜେନା, ଜା: ଖଣ୍ଡାୟତ, ବା: ନିଜଗାଁ	
୮୩	୨୫୬	୨୮୭୮	୦.୦୩୦	୦.୦୩୦	ସାଗର ନାୟ, ପିତା: କୁଞ୍ଜବାଳ ଓରେଇ, ଜା: ମାଟିବଂଶ ରାଜୀ, ବା: ନିଜଗାଁ	
୮୪	୨୫୮	୨୮୯୮	୦.୦୩୦	୦.୦୩୦	ସାଗର ନାୟ, ପିତା: କୁଞ୍ଜବାଳ ଓରେଇ, ଜା: ମାଟିବଂଶ ରାଜୀ, ବା: ନିଜଗାଁ	
୮୫	୨୬୩	୨୮୧୭	୦.୦୫୦	୦.୦୫୦	ସୋମନାଥ ଚନ୍ଦ୍ର, ପିତା: ମହେନ୍ଦ୍ର ଚନ୍ଦ୍ର, ଜା: ଖଣ୍ଡାୟତ, ବା: ନିଜଗାଁ	
୮୬		୨୬୬୭	୦.୧୦୦	୦.୦୫୦	ସୋମନାଥ ଚନ୍ଦ୍ର, ପିତା: ମହେନ୍ଦ୍ର ଚନ୍ଦ୍ର, ଜା: ଖଣ୍ଡାୟତ, ବା: ନିଜଗାଁ	
୮୭		୨୮୨୪	୦.୦୧୦	୦.୦୧୦	ସୋମନାଥ ଚନ୍ଦ୍ର, ପିତା: ମହେନ୍ଦ୍ର ଚନ୍ଦ୍ର, ଜା: ଖଣ୍ଡାୟତ, ବା: ନିଜଗାଁ	
୮୮	୨୮୦	୨୮୭୮	୦.୦୩୦	୦.୦୩୦	ହରିହର ଚନ୍ଦ୍ର, ପିତା: ସଦାନୀ ଚନ୍ଦ୍ର ଓରେଇ, ଜା: ଖଣ୍ଡାୟତ, ବା: ନିଜଗାଁ	
୮୯	୨୮୨	୨୬୭୮	୦.୧୩୦	୦.୦୩୦	ହରିହର ଚନ୍ଦ୍ର, ପିତା: ସଦାନୀ ଚନ୍ଦ୍ର ଓରେଇ, ଜା: ଖଣ୍ଡାୟତ, ବା: ନିଜଗାଁ	
୯୦		୨୬୬୦	୦.୦୩୦	୦.୦୩୦	ହରିହର ଚନ୍ଦ୍ର, ପିତା: ସଦାନୀ ଚନ୍ଦ୍ର ଓରେଇ, ଜା: ଖଣ୍ଡାୟତ, ବା: ନିଜଗାଁ	
୯୧	୨୯୬	୨୮୩୧	୦.୦୧୦	୦.୦୧୦	ରତ୍ନାକର ଜେନା, ପିତା: ସାଧୁ ଜେନା, ଜା: ଖଣ୍ଡାୟତ, ବା: ନିଜଗାଁ	
୯୨	୨୯୭/୨୨	୨୮୨୫	୦.୦୬୦	୦.୦୬୦	ଭଗବାନ ଚନ୍ଦ୍ର, ପିତା: ନରସିଂହଶେଷ ଚନ୍ଦ୍ର, ଜା: ମହାଲାୟକ, ବା: ନିଜଗାଁ	
୯୩	୨୯୭/୭୩	୨୮୫୬	୦.୧୦୦	୦.୦୧୦	ଉପେନ୍ଦ୍ରନାଥ ଚନ୍ଦ୍ର, ସ୍ୱାମୀ: ଭଗବାନ ଚନ୍ଦ୍ର, ଜା: ଖଣ୍ଡାୟତ, ବା: ନିଜଗାଁ	
୯୪		୨୮୨୫	୦.୧୦୦	୦.୦୧୦	ଉପେନ୍ଦ୍ରନାଥ ଚନ୍ଦ୍ର, ସ୍ୱାମୀ: ଭଗବାନ ଚନ୍ଦ୍ର, ଜା: ଖଣ୍ଡାୟତ, ବା: ନିଜଗାଁ	
୯୫	୨୯୭/୭୩	୨୮୬୬	୦.୦୬୦	୦.୦୬୦	ଉପେନ୍ଦ୍ରନାଥ ଚନ୍ଦ୍ର, ସ୍ୱାମୀ: ଭଗବାନ ଚନ୍ଦ୍ର, ଜା: ଖଣ୍ଡାୟତ, ବା: ନିଜଗାଁ	
୯୬		୨୬୬୮	୦.୪୩୦	୦.୦୪୦	ଉପେନ୍ଦ୍ରନାଥ ଚନ୍ଦ୍ର, ସ୍ୱାମୀ: ଭଗବାନ ଚନ୍ଦ୍ର, ଜା: ଖଣ୍ଡାୟତ, ବା: ନିଜଗାଁ	
୯୭	୨୯୭/୨୭	୨୬୬୪	୦.୦୩୦	୦.୦୩୦	ପ୍ରସନ୍ନ କୁମାର ଚନ୍ଦ୍ର, ପିତା: ନରସିଂହ ଚନ୍ଦ୍ର, ଜା: ଖଣ୍ଡାୟତ, ବା: ନିଜଗାଁ	
୯୮	୨୯୭/୨୨	୨୮୪୦	୦.୦୬୦	୦.୦୬୦	ବିଶ୍ୱନାଥ ଚନ୍ଦ୍ର, ପିତା: ସାଧୁ ପଣ୍ଡିତ, ଜା: ଗୋପାଳ, ବା: ନନ୍ଦପୁର	
୯୯	୨୯୭/୭୩	୨୬୨୦	୧.୨୩୦	୦.୦୬୦	ଶ୍ରୀଶ୍ରୀ ଜଗନ୍ନାଥ ଠାକୁର ପକ୍ଷରୁ ମାର୍ଫତ, ଜାଗିର ବିହାରୀ ଚନ୍ଦ୍ର, ଜା: ମହାଲାୟକ, ବା: କାନପୁର	
			ମୋଟ	୯.୧୭୦		
ଗ୍ରାମର ମୋଟ ପ୍ଲଟ ସଂଖ୍ୟା: ୯୯ (ଅନେକତ), ମୋଟ ଅଧିଗ୍ରହଣ ଜମି: ୯.୧୭୦ ଏକର
24045/14/0066/1819
17
